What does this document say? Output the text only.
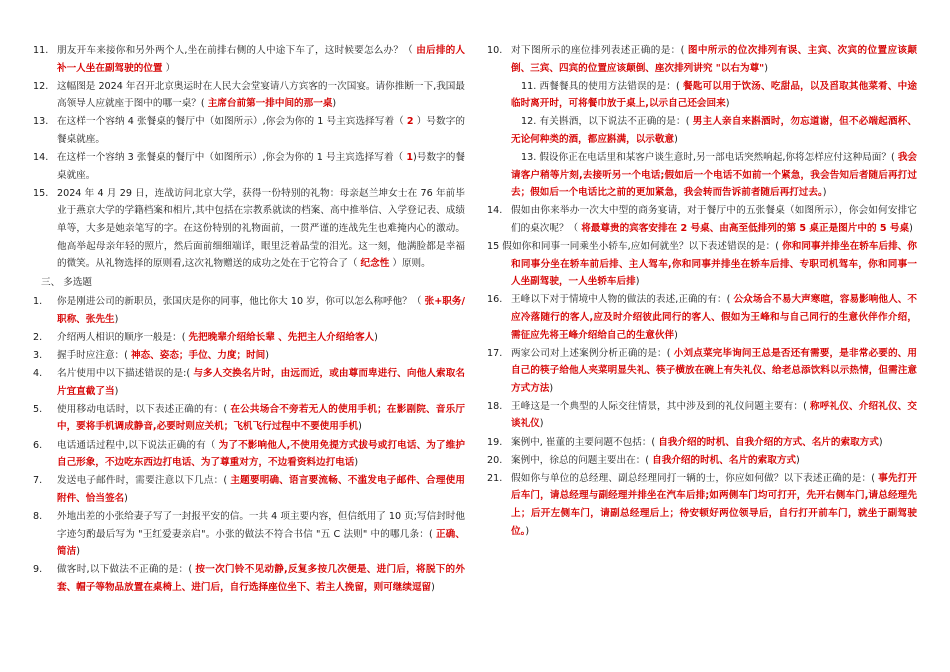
11. 朋友开车来接你和另外两个人,坐在前排右侧的人中途下车了，这时候要怎么办？（ 由后排的人补一人坐在副驾驶的位置 ）
12. 这幅图是 2024 年召开北京奥运时在人民大会堂宴请八方宾客的一次国宴。请你推断一下,我国最高领导人应就座于图中的哪一桌？( 主席台前第一排中间的那一桌)
13. 在这样一个容纳 4 张餐桌的餐厅中（如图所示）,你会为你的 1 号主宾选择写着（ 2 ）号数字的餐桌就座。
14. 在这样一个容纳 3 张餐桌的餐厅中（如图所示）,你会为你的 1 号主宾选择写着（ 1)号数字的餐桌就座。
15. 2024 年 4 月 29 日，连战访问北京大学，获得一份特别的礼物：母亲赵兰坤女士在 76 年前毕业于燕京大学的学籍档案和相片,其中包括在宗教系就读的档案、高中推举信、入学登记表、成绩单等，大多是她亲笔写的字。在这份特别的礼物面前，一贯严谨的连战先生也难掩内心的激动。他高举起母亲年轻的照片，然后面前细细端详，眼里泛着晶莹的泪光。这一刻，他满脸都是幸福的微笑。从礼物选择的原则看,这次礼物赠送的成功之处在于它符合了（ 纪念性 ）原则。
三、 多选题
1. 你是刚进公司的新职员，张国庆是你的同事，他比你大 10 岁，你可以怎么称呼他？（ 张+职务/职称、张先生)
2. 介绍两人相识的顺序一般是：( 先把晚辈介绍给长辈 、先把主人介绍给客人)
3. 握手时应注意：( 神态、姿态；手位、力度；时间)
4. 名片使用中以下描述错误的是:( 与多人交换名片时，由远而近，或由尊而卑进行、向他人索取名片宜直截了当)
5. 使用移动电话时，以下表述正确的有：( 在公共场合不旁若无人的使用手机；在影剧院、音乐厅中，要将手机调成静音,必要时则应关机；飞机飞行过程中不要使用手机)
6. 电话通话过程中,以下说法正确的有（ 为了不影响他人,不使用免提方式拔号或打电话、为了维护自己形象，不边吃东西边打电话、为了尊重对方，不边看资料边打电话)
7. 发送电子邮件时，需要注意以下几点：( 主题要明确、语言要流畅、不滥发电子邮件、合理使用附件、恰当签名)
8. 外地出差的小张给妻子写了一封报平安的信。一共 4 项主要内容，但信纸用了 10 页;写信封时他字迹匀酌最后写为 "王红爱妻亲启"。小张的做法不符合书信 "五 C 法则" 中的哪几条：( 正确、简洁)
9. 做客时,以下做法不正确的是：( 按一次门铃不见动静,反复多按几次便是、进门后，将脱下的外套、帽子等物品放置在桌椅上、进门后，自行选择座位坐下、若主人挽留，则可继续逗留)
10. 对下图所示的座位排列表述正确的是：( 图中所示的位次排列有误、主宾、次宾的位置应该颠倒、三宾、四宾的位置应该颠倒、座次排列讲究 "以右为尊")
11. 西餐餐具的使用方法错误的是：( 餐匙可以用于饮汤、吃甜品，以及舀取其他菜肴、中途临时离开时，可将餐巾放于桌上,以示自己还会回来)
12. 有关斟酒，以下说法不正确的是：( 男主人亲自来斟酒时，勿忘道谢，但不必端起酒杯、无论何种类的酒，都应斟满，以示敬意)
13. 假设你正在电话里和某客户谈生意时,另一部电话突然响起,你将怎样应付这种局面？( 我会请客户稍等片刻,去接听另一个电话;假如后一个电话不如前一个紧急，我会告知后者随后再打过去；假如后一个电话比之前的更加紧急，我会转而告诉前者随后再打过去。)
14. 假如由你来举办一次大中型的商务宴请，对于餐厅中的五张餐桌（如图所示），你会如何安排它们的桌次呢？（ 将最尊贵的宾客安排在 2 号桌、由高至低排列的第 5 桌正是图片中的 5 号桌)
15 假如你和同事一同乘坐小轿车,应如何就坐？以下表述错误的是：( 你和同事并排坐在轿车后排、你和同事分坐在轿车前后排、主人驾车,你和同事并排坐在轿车后排、专职司机驾车，你和同事一人坐副驾驶，一人坐轿车后排)
16. 王峰以下对于情境中人物的做法的表述,正确的有：( 公众场合不易大声寒暄，容易影响他人、不应冷落随行的客人,应及时介绍彼此同行的客人、假如为王峰和与自己同行的生意伙伴作介绍，需征应先将王峰介绍给自己的生意伙伴)
17. 两家公司对上述案例分析正确的是：( 小刘点菜完毕询问王总是否还有需要，是非常必要的、用自己的筷子给他人夹菜明显失礼、筷子横放在碗上有失礼仪、给老总添饮料以示热情，但需注意方式方法)
18. 王峰这是一个典型的人际交往情景，其中涉及到的礼仪问题主要有：( 称呼礼仪、介绍礼仪、交谈礼仪)
19. 案例中, 崔董的主要问题不包括：( 自我介绍的时机、自我介绍的方式、名片的索取方式)
20. 案例中，徐总的问题主要出在：( 自我介绍的时机、名片的索取方式)
21. 假如你与单位的总经理、副总经理同打一辆的士，你应如何做？以下表述正确的是：( 事先打开后车门，请总经理与副经理并排坐在汽车后排;如两侧车门均可打开，先开右侧车门,请总经理先上；后开左侧车门，请副总经理后上；待安顿好两位领导后，自行打开前车门，就坐于副驾驶位。)
